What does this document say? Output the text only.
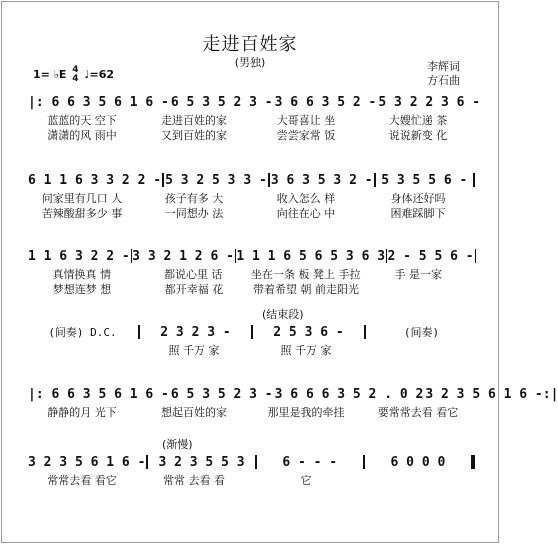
走进百姓家
(男独)	李辉词
方石曲
1= ♭E 4
4 ♩=62
|: 6 6 3 5 6 1 6 - 6 5 3 5 2 3 - 3 6 6 3 5 2 - 5 3 2 2 3 6 -
蓝蓝的天 空下	走进百姓的家	大哥喜让 坐	大嫂忙递 茶
潇潇的风 雨中	又到百姓的家	尝尝家常 饭	说说新变 化
6 1 1 6 3 3 2 2 - 5 3 2 5 3 3 - 3 6 3 5 3 2 - 5 3 5 5 6 -
问家里有几口 人	孩子有多 大	收入怎么 样	身体还好吗
苦辣酸甜多少 事	一同想办 法	向往在心 中	困难踩脚下
1 1 6 3 2 2 - 3 3 2 1 2 6 - 1 1 1 6 5 6 5 3 6 3 2 - 5 5 6 -
真情换真 情	都说心里 话	坐在一条 板 凳上 手拉	手 是一家
梦想连梦 想	都开幸福 花	带着希望 朝 前走阳光
(结束段)
(间奏) D.C.	2 3 2 3 -	2 5 3 6 -	(间奏)
照 千万 家	照 千万 家
|: 6 6 3 5 6 1 6 - 6 5 3 5 2 3 - 3 6 6 6 3 5 2 . 0 2 3 2 3 5 6 1 6 -:|
静静的月 光下	想起百姓的家	那里是我的牵挂	要常常去看 看它
(渐慢)
3 2 3 5 6 1 6 -	3 2 3 5 5 3	6 - - -	6 0 0 0
常常去看 看它	常常 去看 看	它
